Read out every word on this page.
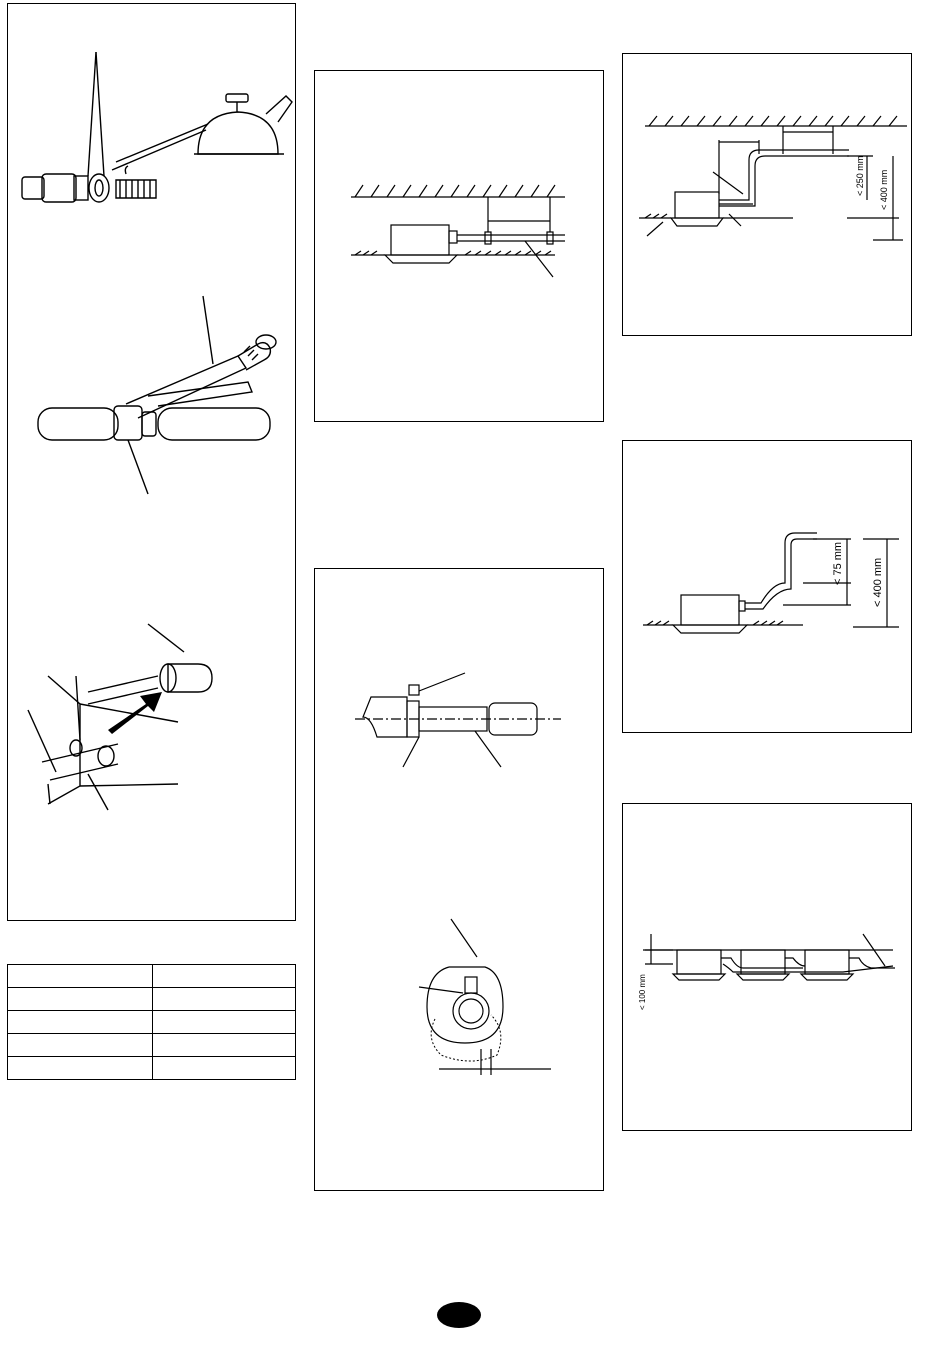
< 250 mm < 400 mm
< 75 mm	< 400 mm
< 100 mm
